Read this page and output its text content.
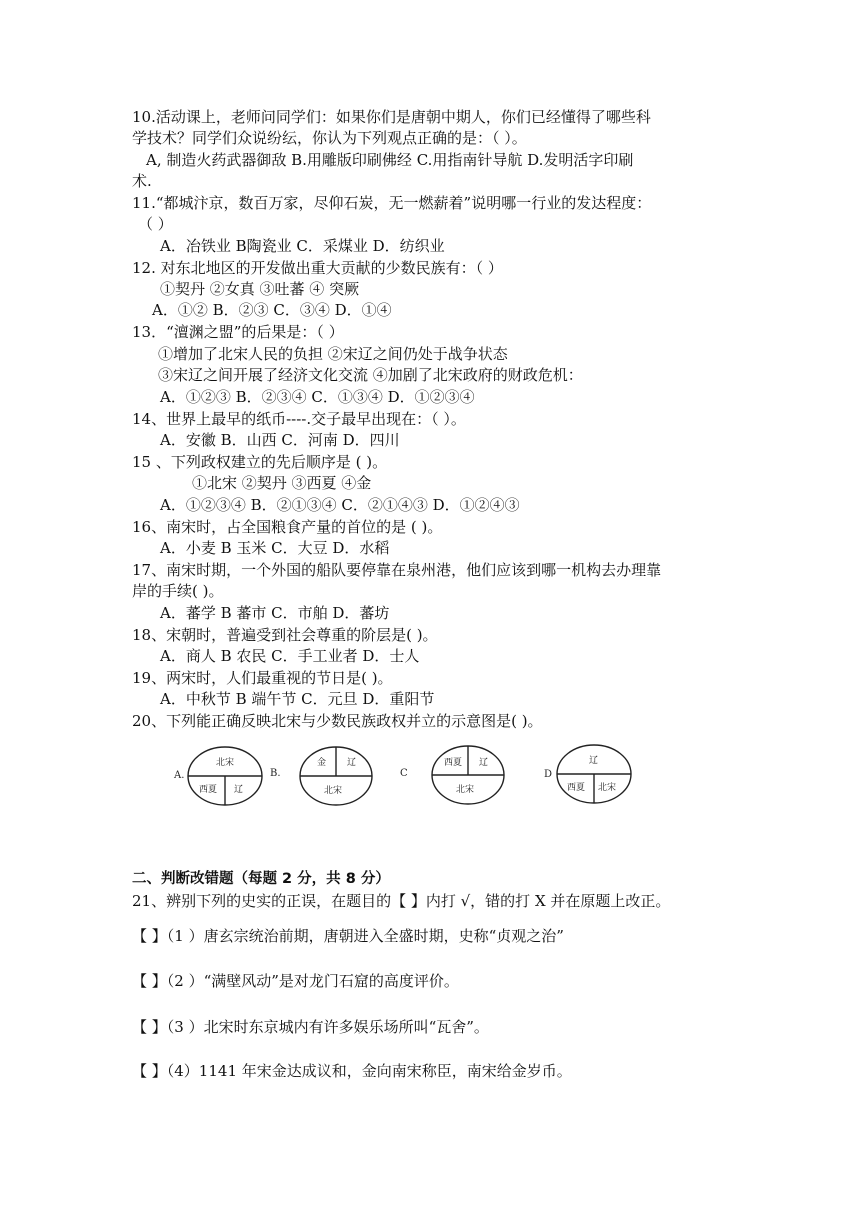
10.活动课上，老师问同学们：如果你们是唐朝中期人，你们已经懂得了哪些科
学技术？同学们众说纷纭，你认为下列观点正确的是：（ ）。
A, 制造火药武器御敌 B.用雕版印刷佛经 C.用指南针导航 D.发明活字印刷
术.
11.“都城汴京，数百万家，尽仰石炭，无一燃薪着”说明哪一行业的发达程度：
（ ）
A．冶铁业 B陶瓷业 C．采煤业 D．纺织业
12. 对东北地区的开发做出重大贡献的少数民族有：（ ）
①契丹 ②女真 ③吐蕃 ④ 突厥
A．①② B．②③ C．③④ D．①④
13．“澶渊之盟”的后果是：（ ）
①增加了北宋人民的负担 ②宋辽之间仍处于战争状态
③宋辽之间开展了经济文化交流 ④加剧了北宋政府的财政危机：
A．①②③ B．②③④ C．①③④ D．①②③④
14、世界上最早的纸币----.交子最早出现在：（ ）。
A．安徽 B．山西 C．河南 D．四川
15 、下列政权建立的先后顺序是 ( )。
①北宋 ②契丹 ③西夏 ④金
A．①②③④ B．②①③④ C．②①④③ D．①②④③
16、南宋时，占全国粮食产量的首位的是 ( )。
A．小麦 B 玉米 C．大豆 D．水稻
17、南宋时期，一个外国的船队要停靠在泉州港，他们应该到哪一机构去办理靠
岸的手续( )。
A．蕃学 B 蕃市 C．市舶 D．蕃坊
18、宋朝时，普遍受到社会尊重的阶层是( )。
A．商人 B 农民 C．手工业者 D．士人
19、两宋时，人们最重视的节日是( )。
A．中秋节 B 端午节 C．元旦 D．重阳节
20、下列能正确反映北宋与少数民族政权并立的示意图是( )。
A.
北宋
西夏 辽
B.
金 辽
北宋
C
西夏 辽
北宋
D
辽
西夏 北宋
二、判断改错题（每题 2 分，共 8 分）
21、辨别下列的史实的正误，在题目的【 】内打 √，错的打 X 并在原题上改正。
【 】（1 ）唐玄宗统治前期，唐朝进入全盛时期，史称“贞观之治”
【 】（2 ）“满壁风动”是对龙门石窟的高度评价。
【 】（3 ）北宋时东京城内有许多娱乐场所叫“瓦舍”。
【 】（4）1141 年宋金达成议和，金向南宋称臣，南宋给金岁币。
